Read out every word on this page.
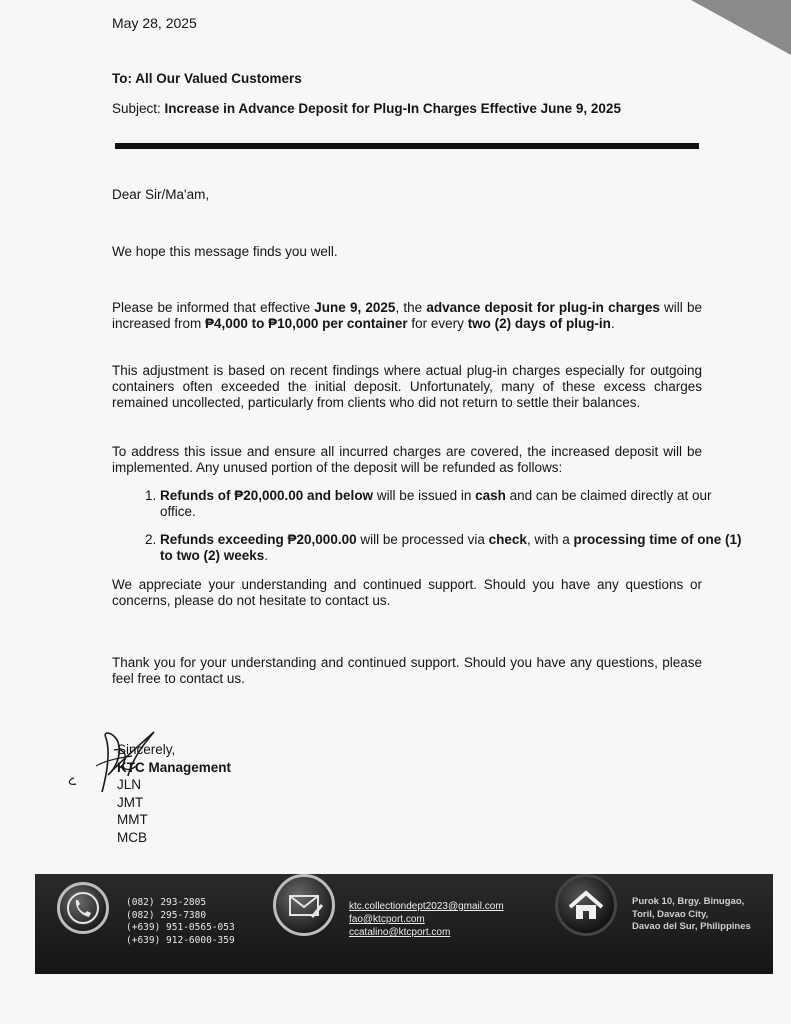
May 28, 2025
To: All Our Valued Customers
Subject: Increase in Advance Deposit for Plug-In Charges Effective June 9, 2025
Dear Sir/Ma'am,
We hope this message finds you well.
Please be informed that effective June 9, 2025, the advance deposit for plug-in charges will be increased from ₱4,000 to ₱10,000 per container for every two (2) days of plug-in.
This adjustment is based on recent findings where actual plug-in charges especially for outgoing containers often exceeded the initial deposit. Unfortunately, many of these excess charges remained uncollected, particularly from clients who did not return to settle their balances.
To address this issue and ensure all incurred charges are covered, the increased deposit will be implemented. Any unused portion of the deposit will be refunded as follows:
1. Refunds of ₱20,000.00 and below will be issued in cash and can be claimed directly at our office.
2. Refunds exceeding ₱20,000.00 will be processed via check, with a processing time of one (1) to two (2) weeks.
We appreciate your understanding and continued support. Should you have any questions or concerns, please do not hesitate to contact us.
Thank you for your understanding and continued support. Should you have any questions, please feel free to contact us.
Sincerely,
KTC Management
JLN
JMT
MMT
MCB
(082) 293-2805
(082) 295-7380
(+639) 951-0565-053
(+639) 912-6000-359
ktc.collectiondept2023@gmail.com
fao@ktcport.com
ccatalino@ktcport.com
Purok 10, Brgy. Binugao,
Toril, Davao City,
Davao del Sur, Philippines
